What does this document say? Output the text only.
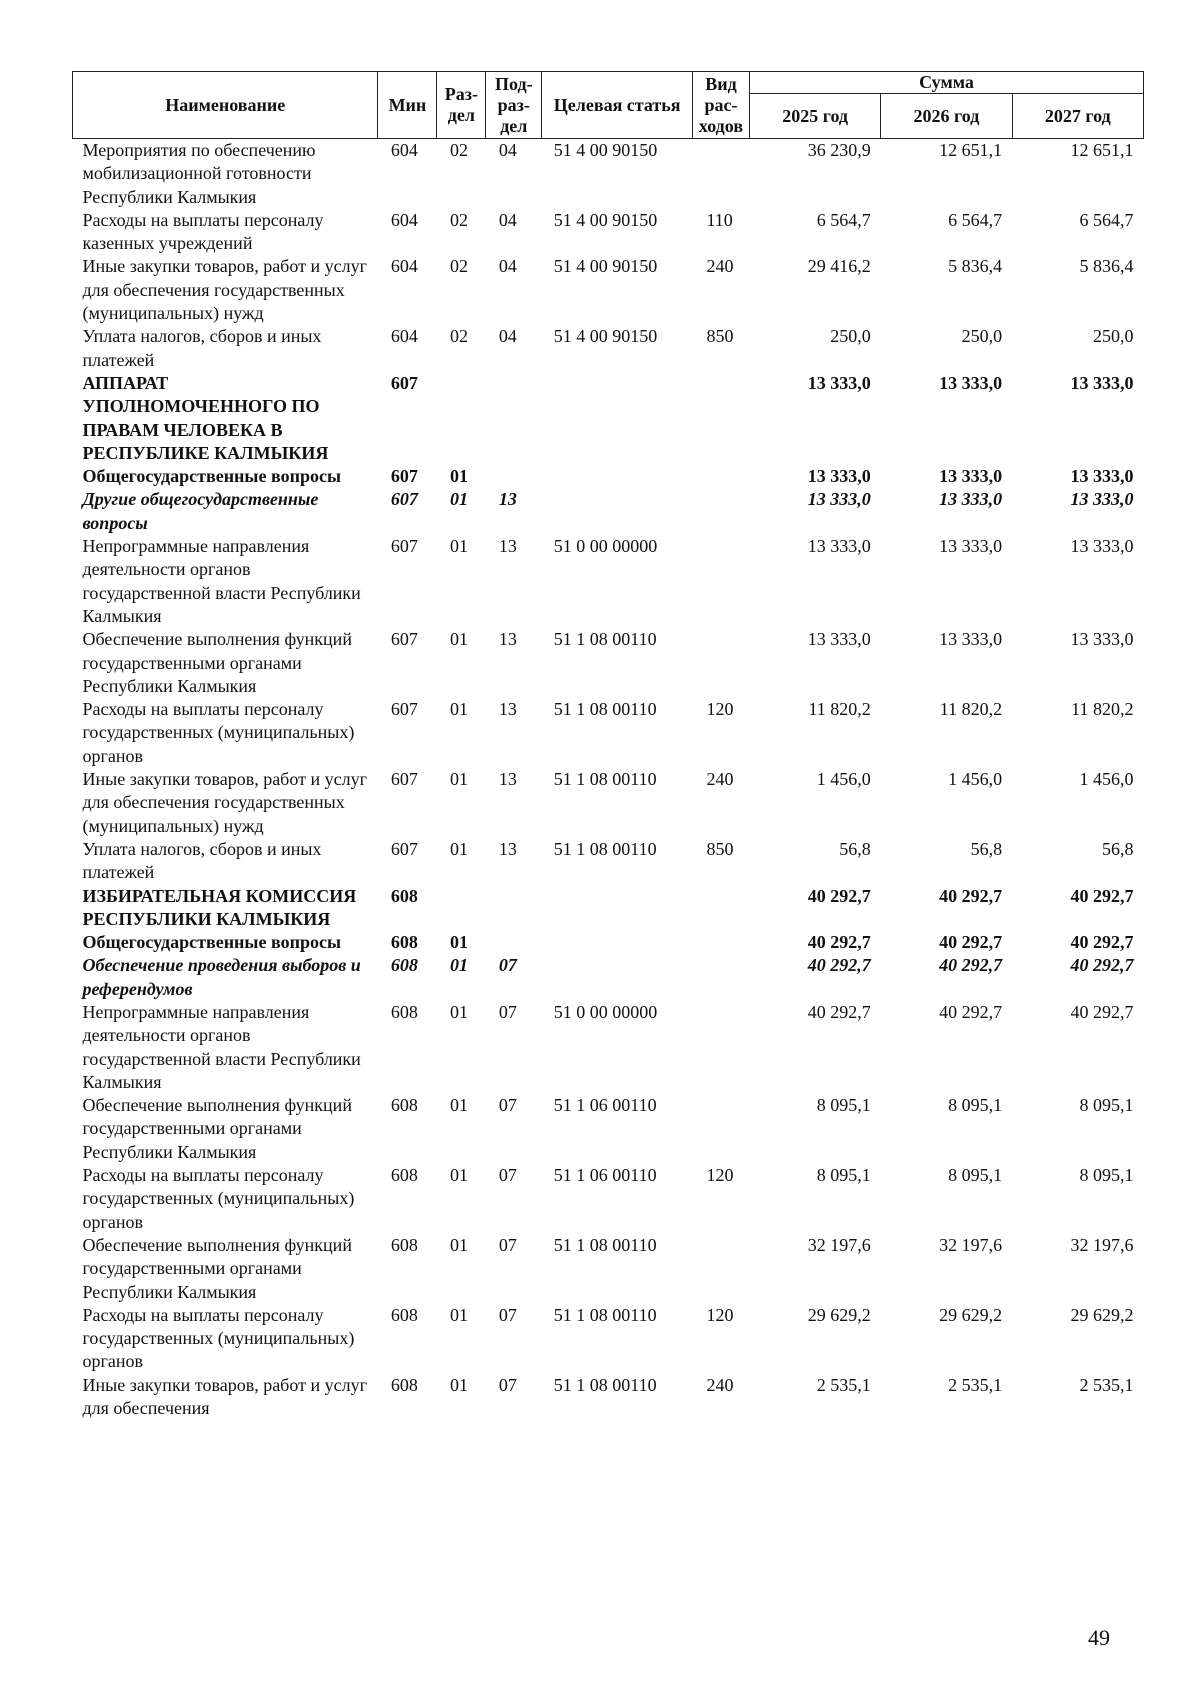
Наименование	Мин	Раз-дел	Под-раз-дел	Целевая статья	Вид рас-ходов	Сумма		
						2025 год	2026 год	2027 год
Мероприятия по обеспечению мобилизационной готовности Республики Калмыкия	604	02	04	51 4 00 90150		36 230,9	12 651,1	12 651,1
Расходы на выплаты персоналу казенных учреждений	604	02	04	51 4 00 90150	110	6 564,7	6 564,7	6 564,7
Иные закупки товаров, работ и услуг для обеспечения государственных (муниципальных) нужд	604	02	04	51 4 00 90150	240	29 416,2	5 836,4	5 836,4
Уплата налогов, сборов и иных платежей	604	02	04	51 4 00 90150	850	250,0	250,0	250,0
АППАРАТ УПОЛНОМОЧЕННОГО ПО ПРАВАМ ЧЕЛОВЕКА В РЕСПУБЛИКЕ КАЛМЫКИЯ	607					13 333,0	13 333,0	13 333,0
Общегосударственные вопросы	607	01				13 333,0	13 333,0	13 333,0
Другие общегосударственные вопросы	607	01	13			13 333,0	13 333,0	13 333,0
Непрограммные направления деятельности органов государственной власти Республики Калмыкия	607	01	13	51 0 00 00000		13 333,0	13 333,0	13 333,0
Обеспечение выполнения функций государственными органами Республики Калмыкия	607	01	13	51 1 08 00110		13 333,0	13 333,0	13 333,0
Расходы на выплаты персоналу государственных (муниципальных) органов	607	01	13	51 1 08 00110	120	11 820,2	11 820,2	11 820,2
Иные закупки товаров, работ и услуг для обеспечения государственных (муниципальных) нужд	607	01	13	51 1 08 00110	240	1 456,0	1 456,0	1 456,0
Уплата налогов, сборов и иных платежей	607	01	13	51 1 08 00110	850	56,8	56,8	56,8
ИЗБИРАТЕЛЬНАЯ КОМИССИЯ РЕСПУБЛИКИ КАЛМЫКИЯ	608					40 292,7	40 292,7	40 292,7
Общегосударственные вопросы	608	01				40 292,7	40 292,7	40 292,7
Обеспечение проведения выборов и референдумов	608	01	07			40 292,7	40 292,7	40 292,7
Непрограммные направления деятельности органов государственной власти Республики Калмыкия	608	01	07	51 0 00 00000		40 292,7	40 292,7	40 292,7
Обеспечение выполнения функций государственными органами Республики Калмыкия	608	01	07	51 1 06 00110		8 095,1	8 095,1	8 095,1
Расходы на выплаты персоналу государственных (муниципальных) органов	608	01	07	51 1 06 00110	120	8 095,1	8 095,1	8 095,1
Обеспечение выполнения функций государственными органами Республики Калмыкия	608	01	07	51 1 08 00110		32 197,6	32 197,6	32 197,6
Расходы на выплаты персоналу государственных (муниципальных) органов	608	01	07	51 1 08 00110	120	29 629,2	29 629,2	29 629,2
Иные закупки товаров, работ и услуг для обеспечения	608	01	07	51 1 08 00110	240	2 535,1	2 535,1	2 535,1
49
